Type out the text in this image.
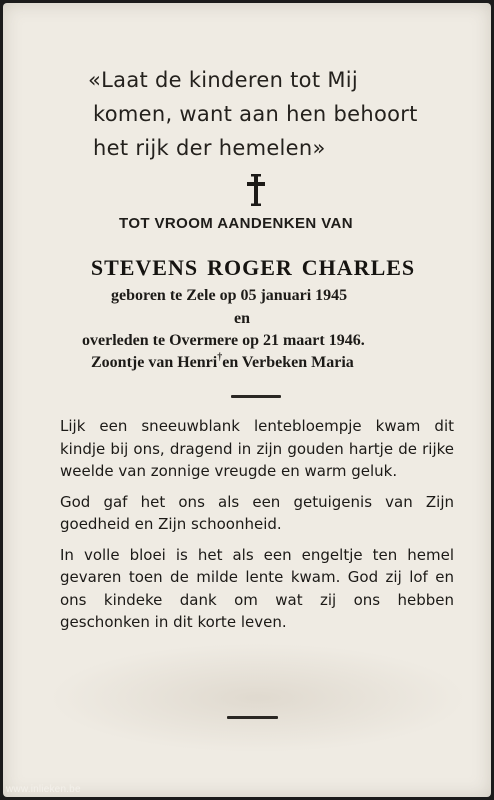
«Laat de kinderen tot Mij
komen, want aan hen behoort
het rijk der hemelen»
TOT VROOM AANDENKEN VAN
STEVENS ROGER CHARLES
geboren te Zele op 05 januari 1945
en
overleden te Overmere op 21 maart 1946.
Zoontje van Henri†en Verbeken Maria

Lijk een sneeuwblank lentebloempje kwam dit kindje bij ons, dragend in zijn gouden hartje de rijke weelde van zonnige vreugde en warm geluk.

God gaf het ons als een getuigenis van Zijn goedheid en Zijn schoonheid.

In volle bloei is het als een engeltje ten hemel gevaren toen de milde lente kwam. God zij lof en ons kindeke dank om wat zij ons hebben geschonken in dit korte leven.

www.inlieken.be
